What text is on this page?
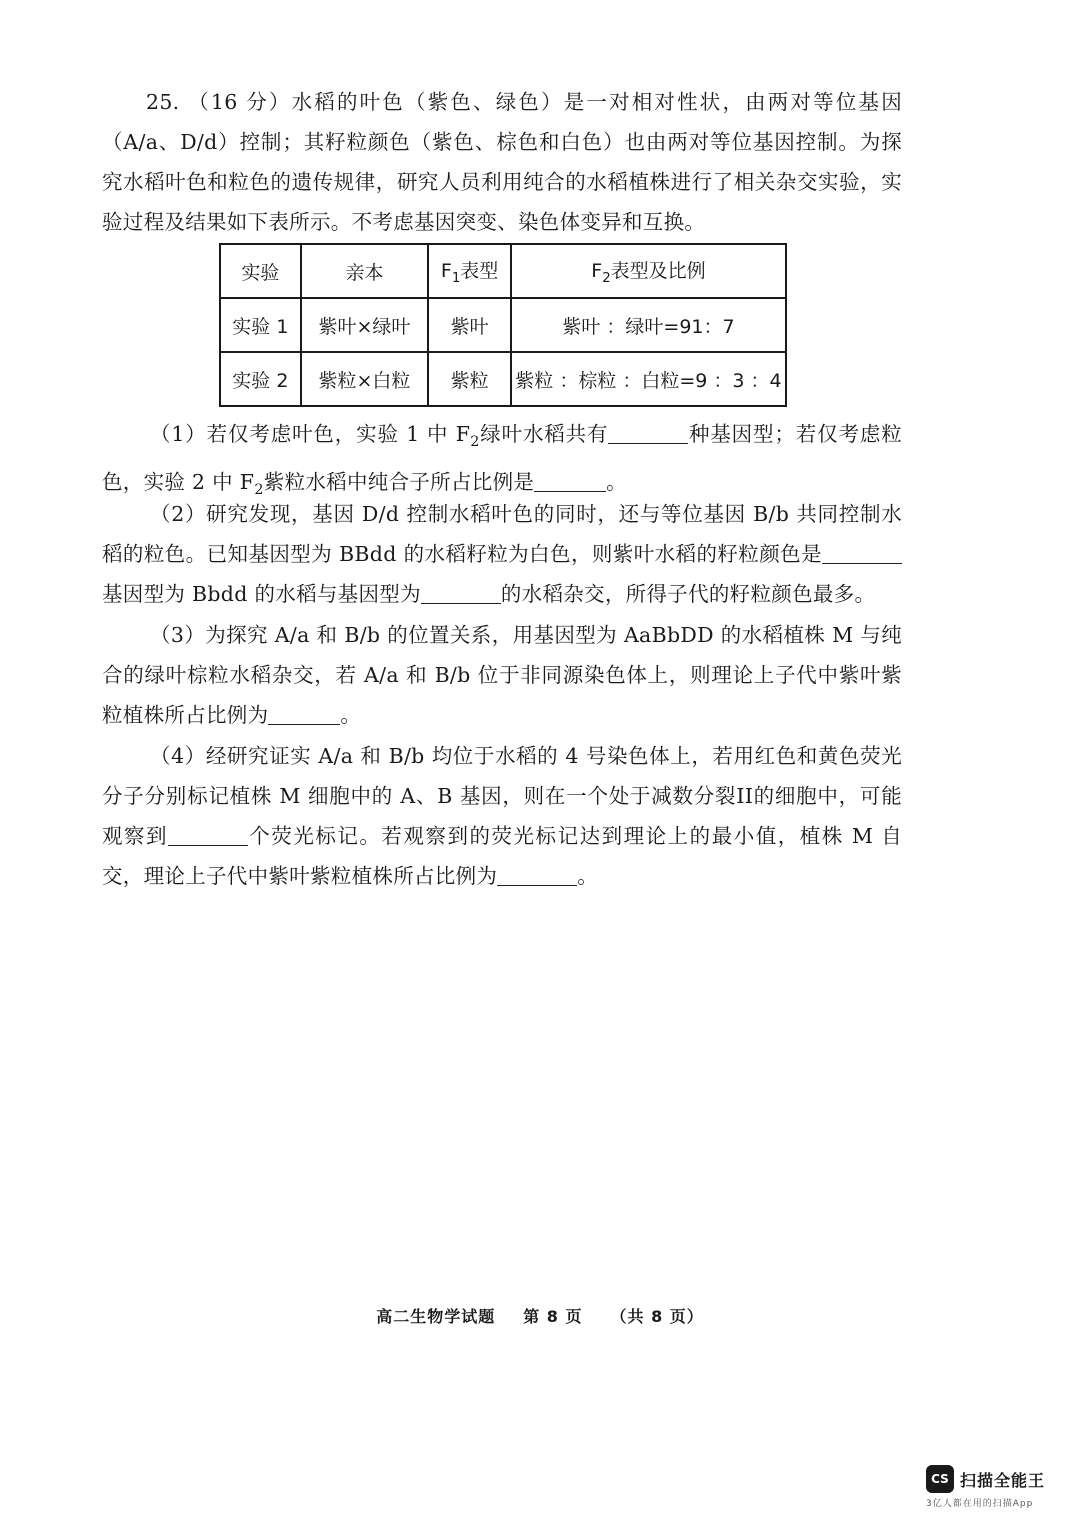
25. （16 分）水稻的叶色（紫色、绿色）是一对相对性状，由两对等位基因（A/a、D/d）控制；其籽粒颜色（紫色、棕色和白色）也由两对等位基因控制。为探究水稻叶色和粒色的遗传规律，研究人员利用纯合的水稻植株进行了相关杂交实验，实验过程及结果如下表所示。不考虑基因突变、染色体变异和互换。
实验	亲本	$F_1$表型	$F_2$表型及比例
实验 1	紫叶×绿叶	紫叶	紫叶 ：绿叶=91：7
实验 2	紫粒×白粒	紫粒	紫粒 ：棕粒 ：白粒=9 ：3 ：4
（1）若仅考虑叶色，实验 1 中 $F_2$绿叶水稻共有	种基因型；若仅考虑粒色，实验 2 中 $F_2$紫粒水稻中纯合子所占比例是	。
（2）研究发现，基因 D/d 控制水稻叶色的同时，还与等位基因 B/b 共同控制水稻的粒色。已知基因型为 BBdd 的水稻籽粒为白色，则紫叶水稻的籽粒颜色是 基因型为 Bbdd 的水稻与基因型为	的水稻杂交，所得子代的籽粒颜色最多。
（3）为探究 A/a 和 B/b 的位置关系，用基因型为 AaBbDD 的水稻植株 M 与纯合的绿叶棕粒水稻杂交，若 A/a 和 B/b 位于非同源染色体上，则理论上子代中紫叶紫粒植株所占比例为	。
（4）经研究证实 A/a 和 B/b 均位于水稻的 4 号染色体上，若用红色和黄色荧光分子分别标记植株 M 细胞中的 A、B 基因，则在一个处于减数分裂II的细胞中，可能观察到	个荧光标记。若观察到的荧光标记达到理论上的最小值，植株 M 自交，理论上子代中紫叶紫粒植株所占比例为	。
高二生物学试题 第 8 页 （共 8 页）
CS 扫描全能王
3亿人都在用的扫描App
